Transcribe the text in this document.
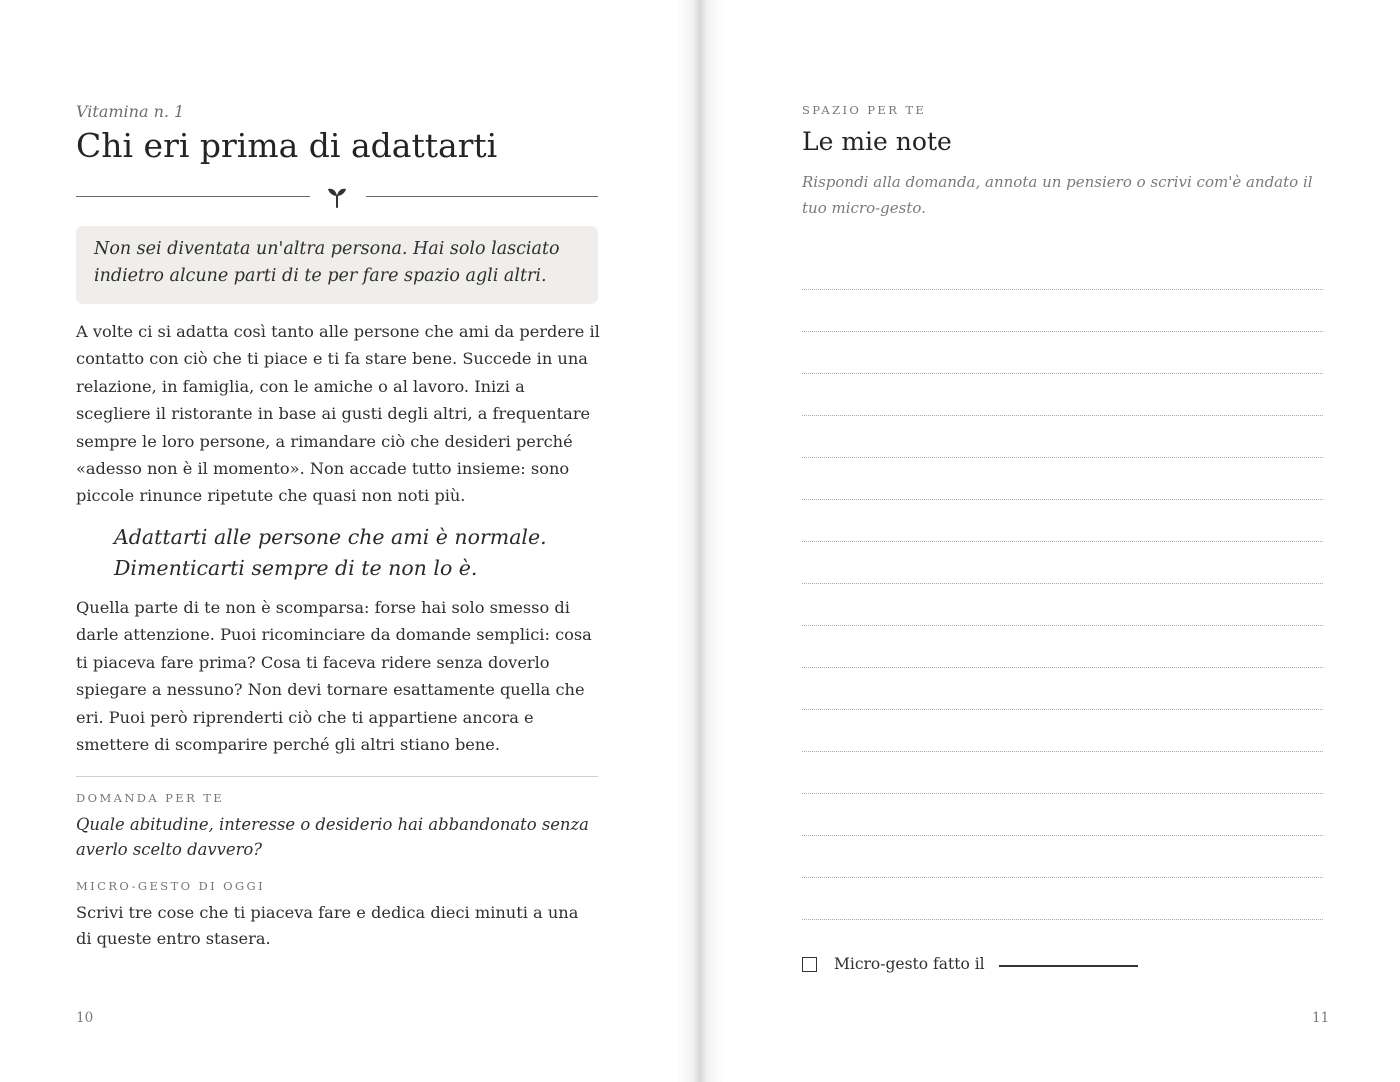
Vitamina n. 1
Chi eri prima di adattarti
Non sei diventata un'altra persona. Hai solo lasciato indietro alcune parti di te per fare spazio agli altri.

A volte ci si adatta così tanto alle persone che ami da perdere il contatto con ciò che ti piace e ti fa stare bene. Succede in una relazione, in famiglia, con le amiche o al lavoro. Inizi a scegliere il ristorante in base ai gusti degli altri, a frequentare sempre le loro persone, a rimandare ciò che desideri perché «adesso non è il momento». Non accade tutto insieme: sono piccole rinunce ripetute che quasi non noti più.

Adattarti alle persone che ami è normale.
Dimenticarti sempre di te non lo è.

Quella parte di te non è scomparsa: forse hai solo smesso di darle attenzione. Puoi ricominciare da domande semplici: cosa ti piaceva fare prima? Cosa ti faceva ridere senza doverlo spiegare a nessuno? Non devi tornare esattamente quella che eri. Puoi però riprenderti ciò che ti appartiene ancora e smettere di scomparire perché gli altri stiano bene.

DOMANDA PER TE

Quale abitudine, interesse o desiderio hai abbandonato senza averlo scelto davvero?

MICRO-GESTO DI OGGI

Scrivi tre cose che ti piaceva fare e dedica dieci minuti a una di queste entro stasera.

10
SPAZIO PER TE
Le mie note

Rispondi alla domanda, annota un pensiero o scrivi com'è andato il tuo micro-gesto.

Micro-gesto fatto il
11
